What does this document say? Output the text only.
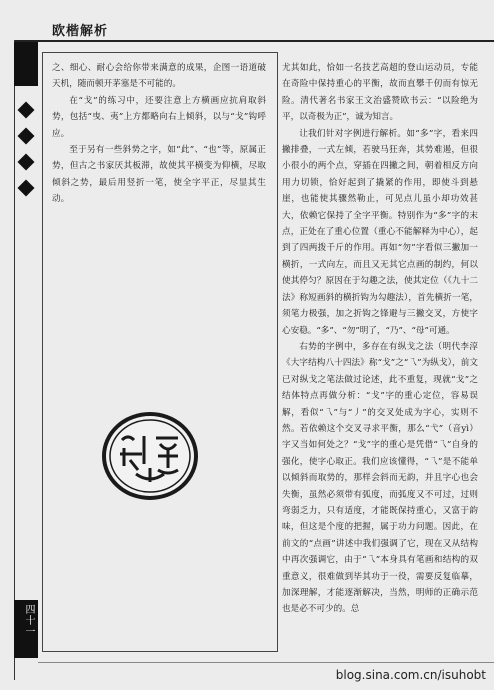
欧楷解析
四十一

之、细心、耐心会给你带来满意的成果，企图一语道破天机，随而顿开茅塞是不可能的。

在“戈”的练习中，还要注意上方横画应抗肩取斜势，包括“曳、夷”上方都略向右上倾斜，以与“戈”钩呼应。

至于另有一些斜势之字，如“此”、“也”等，原属正势，但古之书家厌其板滞，故使其平横变为仰横，尽取倾斜之势，最后用竖折一笔，使全字平正，尽显其生动。

尤其如此，恰如一名技艺高超的登山运动员，专能在奇险中保持重心的平衡，故而直攀千仞而有惊无险。清代著名书家王文治盛赞欧书云：“以险绝为平，以奇极为正”，诚为知言。

让我们针对字例进行解析。如“多”字，看来四撇排叠，一式左倾，若驶马狂奔，其势难遏，但很小很小的两个点，穿插在四撇之间，朝着相反方向用力切锁，恰好起到了撬紧的作用，即使斗到悬崖，也能使其骤然勒止，可见点儿虽小却功效甚大，依赖它保持了全字平衡。特别作为“多”字的末点，正处在了重心位置（重心不能解释为中心），起到了四两拨千斤的作用。再如“勿”字看似三撇加一横折，一式向左，而且又无其它点画的制约，何以使其停匀？原因在于勾趣之法，使其定位（《九十二法》称短画斜的横折钩为勾趣法），首先横折一笔，须笔力极强，加之折钩之锋避与三撇交叉，方使字心安稳。“多”、“勿”明了，“乃”、“母”可通。

右势的字例中，多存在有纵戈之法（明代李淳《大字结构八十四法》称“戈”之“乁”为纵戈），前文已对纵戈之笔法做过论述，此不重复，现就“戈”之结体特点再做分析：“戈”字的重心定位，容易误解，看似“乁”与“丿”的交叉处成为字心，实则不然。若依赖这个交叉寻求平衡，那么“弋”（音yì）字又当如何处之？“戈”字的重心是凭借“乁”自身的强化，使字心取正。我们应该懂得，“乁”是不能单以倾斜而取势的，那样会斜而无韵，并且字心也会失衡，虽然必须带有弧度，而弧度又不可过，过则弯弱乏力，只有适度，才能既保持重心，又富于韵味，但这是个度的把握，属于功力问题。因此，在前文的“点画”讲述中我们强调了它，现在又从结构中再次强调它，由于“乁”本身具有笔画和结构的双重意义，很难做到毕其功于一役，需要反复临摹，加深理解，才能逐渐解决，当然，明师的正确示范也是必不可少的。总

blog.sina.com.cn/isuhobt
